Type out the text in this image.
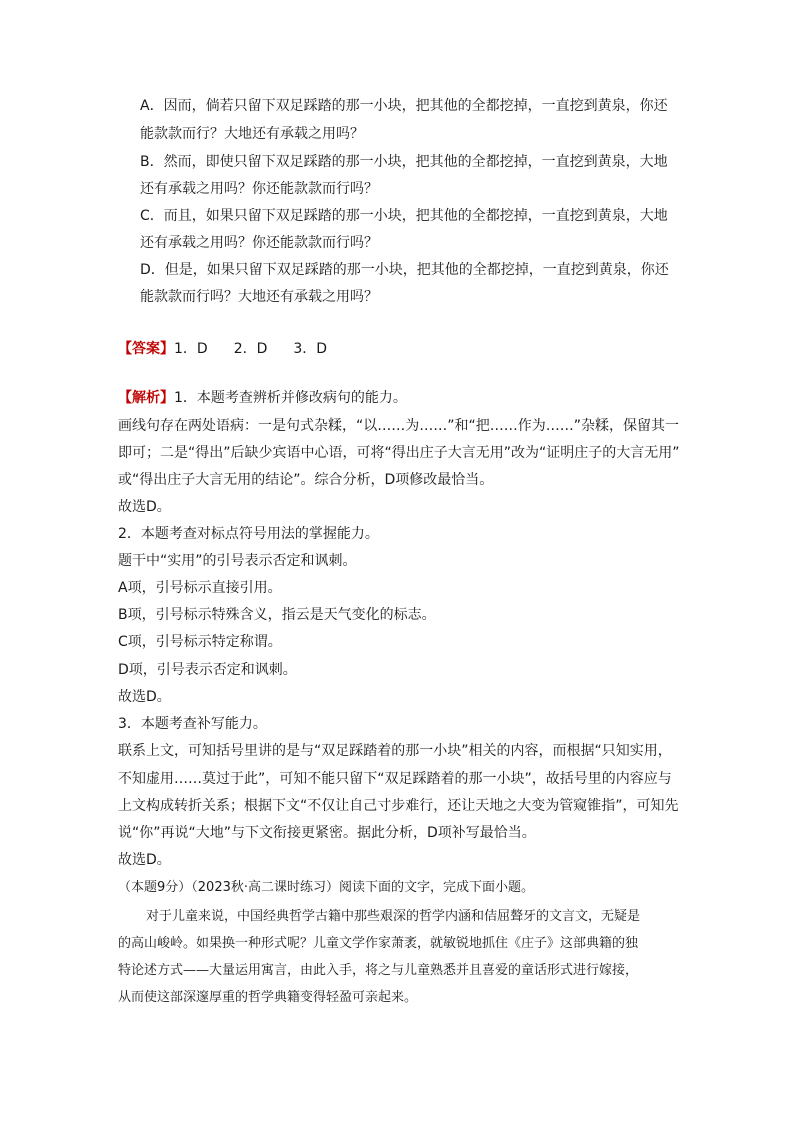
A．因而，倘若只留下双足踩踏的那一小块，把其他的全都挖掉，一直挖到黄泉，你还
能款款而行？大地还有承载之用吗？
B．然而，即使只留下双足踩踏的那一小块，把其他的全都挖掉，一直挖到黄泉，大地
还有承载之用吗？你还能款款而行吗？
C．而且，如果只留下双足踩踏的那一小块，把其他的全都挖掉，一直挖到黄泉，大地
还有承载之用吗？你还能款款而行吗？
D．但是，如果只留下双足踩踏的那一小块，把其他的全都挖掉，一直挖到黄泉，你还
能款款而行吗？大地还有承载之用吗？
【答案】1．D 2．D 3．D
【解析】1．本题考查辨析并修改病句的能力。
画线句存在两处语病：一是句式杂糅，“以……为……”和“把……作为……”杂糅，保留其一
即可；二是“得出”后缺少宾语中心语，可将“得出庄子大言无用”改为“证明庄子的大言无用”
或“得出庄子大言无用的结论”。综合分析，D项修改最恰当。
故选D。
2．本题考查对标点符号用法的掌握能力。
题干中“实用”的引号表示否定和讽刺。
A项，引号标示直接引用。
B项，引号标示特殊含义，指云是天气变化的标志。
C项，引号标示特定称谓。
D项，引号表示否定和讽刺。
故选D。
3．本题考查补写能力。
联系上文，可知括号里讲的是与“双足踩踏着的那一小块”相关的内容，而根据“只知实用，
不知虚用……莫过于此”，可知不能只留下“双足踩踏着的那一小块”，故括号里的内容应与
上文构成转折关系；根据下文“不仅让自己寸步难行，还让天地之大变为管窥锥指”，可知先
说“你”再说“大地”与下文衔接更紧密。据此分析，D项补写最恰当。
故选D。
（本题9分）（2023秋·高二课时练习）阅读下面的文字，完成下面小题。
对于儿童来说，中国经典哲学古籍中那些艰深的哲学内涵和佶屈聱牙的文言文，无疑是
的高山峻岭。如果换一种形式呢？儿童文学作家萧袤，就敏锐地抓住《庄子》这部典籍的独
特论述方式——大量运用寓言，由此入手，将之与儿童熟悉并且喜爱的童话形式进行嫁接，
从而使这部深邃厚重的哲学典籍变得轻盈可亲起来。
